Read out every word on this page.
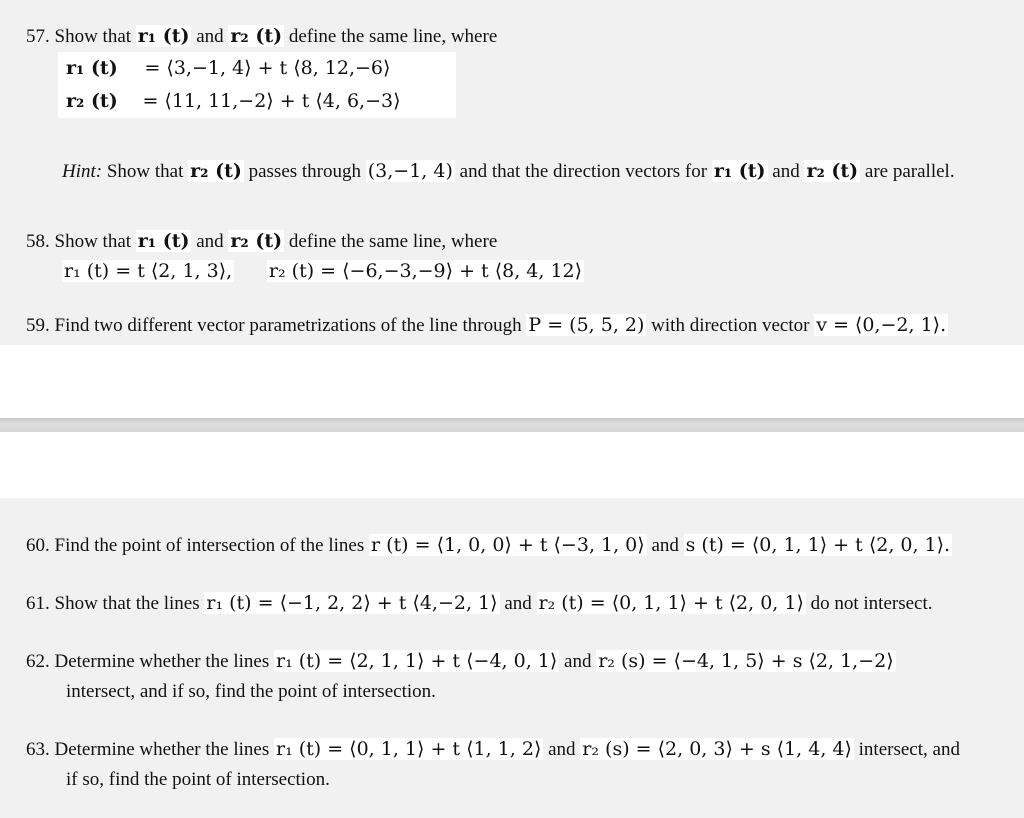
57. Show that r₁ (t) and r₂ (t) define the same line, where
r₁ (t) = ⟨3,−1, 4⟩ + t ⟨8, 12,−6⟩
r₂ (t) = ⟨11, 11,−2⟩ + t ⟨4, 6,−3⟩
Hint: Show that r₂ (t) passes through (3,−1, 4) and that the direction vectors for r₁ (t) and r₂ (t) are parallel.
58. Show that r₁ (t) and r₂ (t) define the same line, where
r₁ (t) = t ⟨2, 1, 3⟩, r₂ (t) = ⟨−6,−3,−9⟩ + t ⟨8, 4, 12⟩
59. Find two different vector parametrizations of the line through P = (5, 5, 2) with direction vector v = ⟨0,−2, 1⟩.
60. Find the point of intersection of the lines r (t) = ⟨1, 0, 0⟩ + t ⟨−3, 1, 0⟩ and s (t) = ⟨0, 1, 1⟩ + t ⟨2, 0, 1⟩.
61. Show that the lines r₁ (t) = ⟨−1, 2, 2⟩ + t ⟨4,−2, 1⟩ and r₂ (t) = ⟨0, 1, 1⟩ + t ⟨2, 0, 1⟩ do not intersect.
62. Determine whether the lines r₁ (t) = ⟨2, 1, 1⟩ + t ⟨−4, 0, 1⟩ and r₂ (s) = ⟨−4, 1, 5⟩ + s ⟨2, 1,−2⟩
intersect, and if so, find the point of intersection.
63. Determine whether the lines r₁ (t) = ⟨0, 1, 1⟩ + t ⟨1, 1, 2⟩ and r₂ (s) = ⟨2, 0, 3⟩ + s ⟨1, 4, 4⟩ intersect, and
if so, find the point of intersection.
